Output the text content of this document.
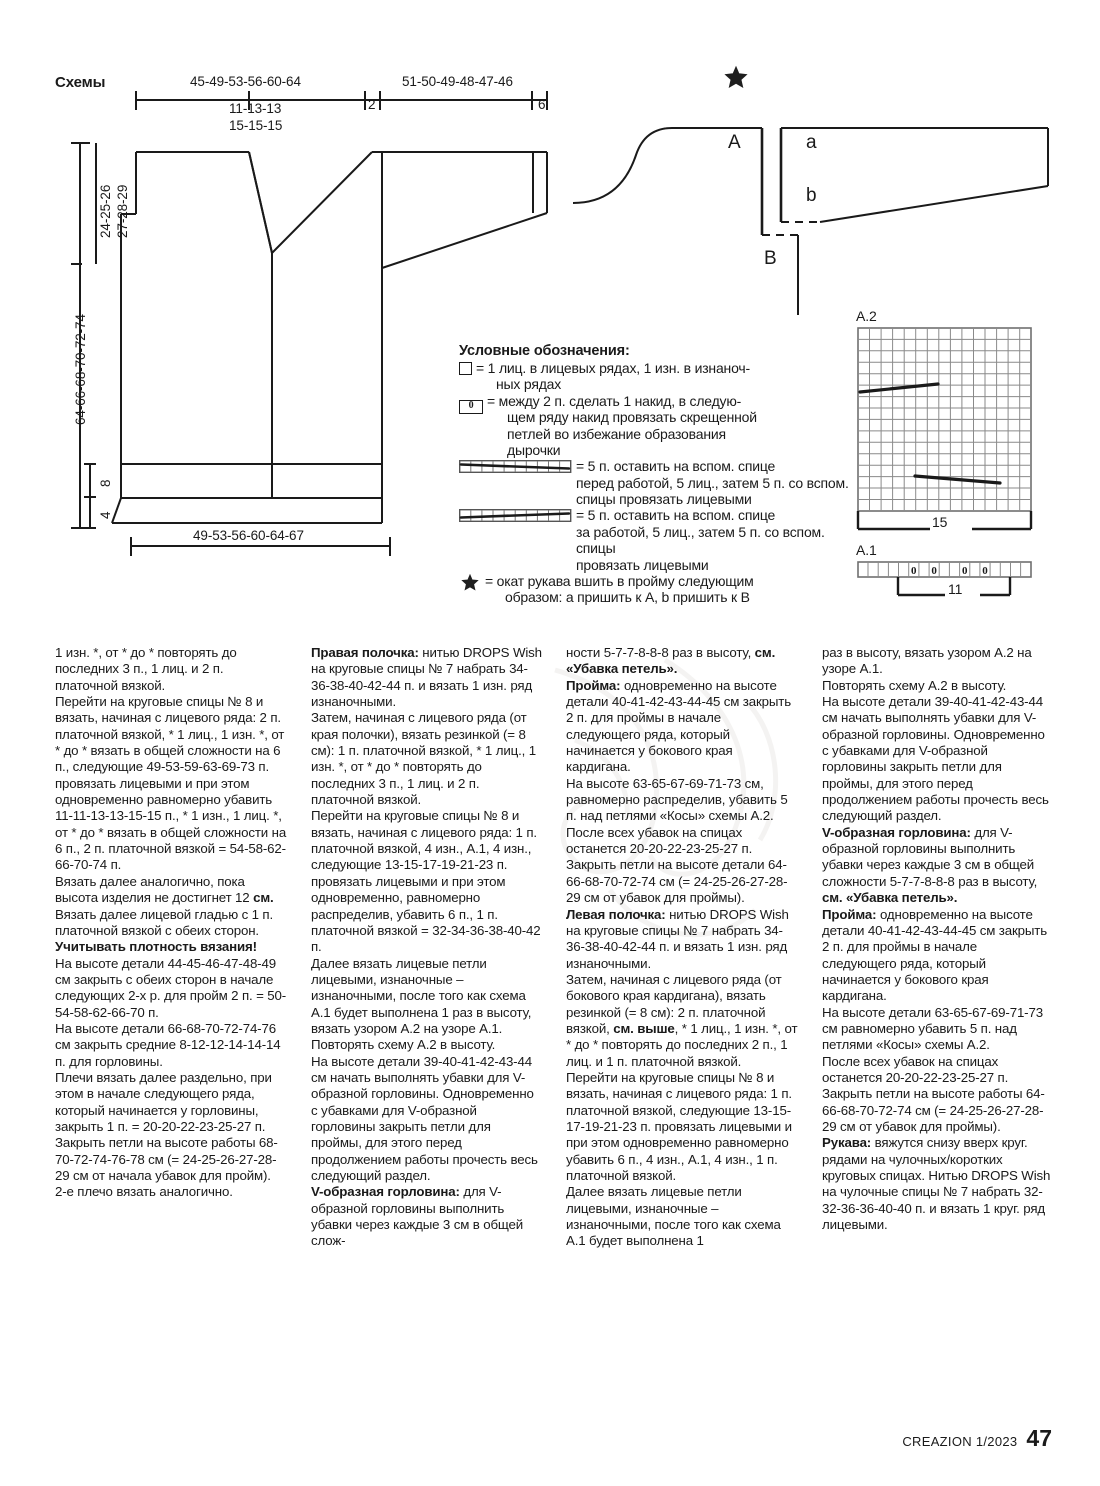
0 0 0 0
Схемы	45-49-53-56-60-64	51-50-49-48-47-46
11-13-13
15-15-15
2	6
24-25-26 27-28-29
64-66-68-70-72-74
8
4
49-53-56-60-64-67
A	a
b
B
A.2
15
A.1
11
Условные обозначения:
= 1 лиц. в лицевых рядах, 1 изн. в изнаноч-
ных рядах
0 = между 2 п. сделать 1 накид, в следую-
щем ряду накид провязать скрещенной
петлей во избежание образования
дырочки
= 5 п. оставить на вспом. спице
перед работой, 5 лиц., затем 5 п. со вспом.
спицы провязать лицевыми
= 5 п. оставить на вспом. спице
за работой, 5 лиц., затем 5 п. со вспом. спицы
провязать лицевыми
= окат рукава вшить в пройму следующим
образом: а пришить к A, b пришить к B

1 изн. *, от * до * повторять до последних 3 п., 1 лиц. и 2 п. платочной вязкой.

Перейти на круговые спицы № 8 и вязать, начиная с лицевого ряда: 2 п. платочной вязкой, * 1 лиц., 1 изн. *, от * до * вязать в общей сложности на 6 п., следующие 49-53-59-63-69-73 п. провязать лицевыми и при этом одновременно равномерно убавить 11-11-13-13-15-15 п., * 1 изн., 1 лиц. *, от * до * вязать в общей сложности на 6 п., 2 п. платочной вязкой = 54-58-62-66-70-74 п.

Вязать далее аналогично, пока высота изделия не достигнет 12 см. Вязать далее лицевой гладью с 1 п. платочной вязкой с обеих сторон.

Учитывать плотность вязания!

На высоте детали 44-45-46-47-48-49 см закрыть с обеих сторон в начале следующих 2-х р. для пройм 2 п. = 50-54-58-62-66-70 п.

На высоте детали 66-68-70-72-74-76 см закрыть средние 8-12-12-14-14-14 п. для горловины.

Плечи вязать далее раздельно, при этом в начале следующего ряда, который начинается у горловины, закрыть 1 п. = 20-20-22-23-25-27 п.

Закрыть петли на высоте работы 68-70-72-74-76-78 см (= 24-25-26-27-28-29 см от начала убавок для пройм).

2-е плечо вязать аналогично.

Правая полочка: нитью DROPS Wish на круговые спицы № 7 набрать 34-36-38-40-42-44 п. и вязать 1 изн. ряд изнаночными.

Затем, начиная с лицевого ряда (от края полочки), вязать резинкой (= 8 см): 1 п. платочной вязкой, * 1 лиц., 1 изн. *, от * до * повторять до последних 3 п., 1 лиц. и 2 п. платочной вязкой.

Перейти на круговые спицы № 8 и вязать, начиная с лицевого ряда: 1 п. платочной вязкой, 4 изн., A.1, 4 изн., следующие 13-15-17-19-21-23 п. провязать лицевыми и при этом одновременно, равномерно распределив, убавить 6 п., 1 п. платочной вязкой = 32-34-36-38-40-42 п.

Далее вязать лицевые петли лицевыми, изнаночные – изнаночными, после того как схема A.1 будет выполнена 1 раз в высоту, вязать узором A.2 на узоре A.1.

Повторять схему A.2 в высоту.

На высоте детали 39-40-41-42-43-44 см начать выполнять убавки для V-образной горловины. Одновременно с убавками для V-образной горловины закрыть петли для проймы, для этого перед продолжением работы прочесть весь следующий раздел.

V-образная горловина: для V-образной горловины выполнить убавки через каждые 3 см в общей слож-

ности 5-7-7-8-8-8 раз в высоту, см. «Убавка петель».

Пройма: одновременно на высоте детали 40-41-42-43-44-45 см закрыть 2 п. для проймы в начале следующего ряда, который начинается у бокового края кардигана.

На высоте 63-65-67-69-71-73 см, равномерно распределив, убавить 5 п. над петлями «Косы» схемы A.2.

После всех убавок на спицах останется 20-20-22-23-25-27 п. Закрыть петли на высоте детали 64-66-68-70-72-74 см (= 24-25-26-27-28-29 см от убавок для проймы).

Левая полочка: нитью DROPS Wish на круговые спицы № 7 набрать 34-36-38-40-42-44 п. и вязать 1 изн. ряд изнаночными.

Затем, начиная с лицевого ряда (от бокового края кардигана), вязать резинкой (= 8 см): 2 п. платочной вязкой, см. выше, * 1 лиц., 1 изн. *, от * до * повторять до последних 2 п., 1 лиц. и 1 п. платочной вязкой.

Перейти на круговые спицы № 8 и вязать, начиная с лицевого ряда: 1 п. платочной вязкой, следующие 13-15-17-19-21-23 п. провязать лицевыми и при этом одновременно равномерно убавить 6 п., 4 изн., A.1, 4 изн., 1 п. платочной вязкой.

Далее вязать лицевые петли лицевыми, изнаночные – изнаночными, после того как схема A.1 будет выполнена 1

раз в высоту, вязать узором A.2 на узоре A.1.

Повторять схему A.2 в высоту.

На высоте детали 39-40-41-42-43-44 см начать выполнять убавки для V-образной горловины. Одновременно с убавками для V-образной горловины закрыть петли для проймы, для этого перед продолжением работы прочесть весь следующий раздел.

V-образная горловина: для V-образной горловины выполнить убавки через каждые 3 см в общей сложности 5-7-7-8-8-8 раз в высоту, см. «Убавка петель».

Пройма: одновременно на высоте детали 40-41-42-43-44-45 см закрыть 2 п. для проймы в начале следующего ряда, который начинается у бокового края кардигана.

На высоте детали 63-65-67-69-71-73 см равномерно убавить 5 п. над петлями «Косы» схемы A.2.

После всех убавок на спицах останется 20-20-22-23-25-27 п. Закрыть петли на высоте работы 64-66-68-70-72-74 см (= 24-25-26-27-28-29 см от убавок для проймы).

Рукава: вяжутся снизу вверх круг. рядами на чулочных/коротких круговых спицах. Нитью DROPS Wish на чулочные спицы № 7 набрать 32-32-36-36-40-40 п. и вязать 1 круг. ряд лицевыми.

CREAZION 1/2023 47
